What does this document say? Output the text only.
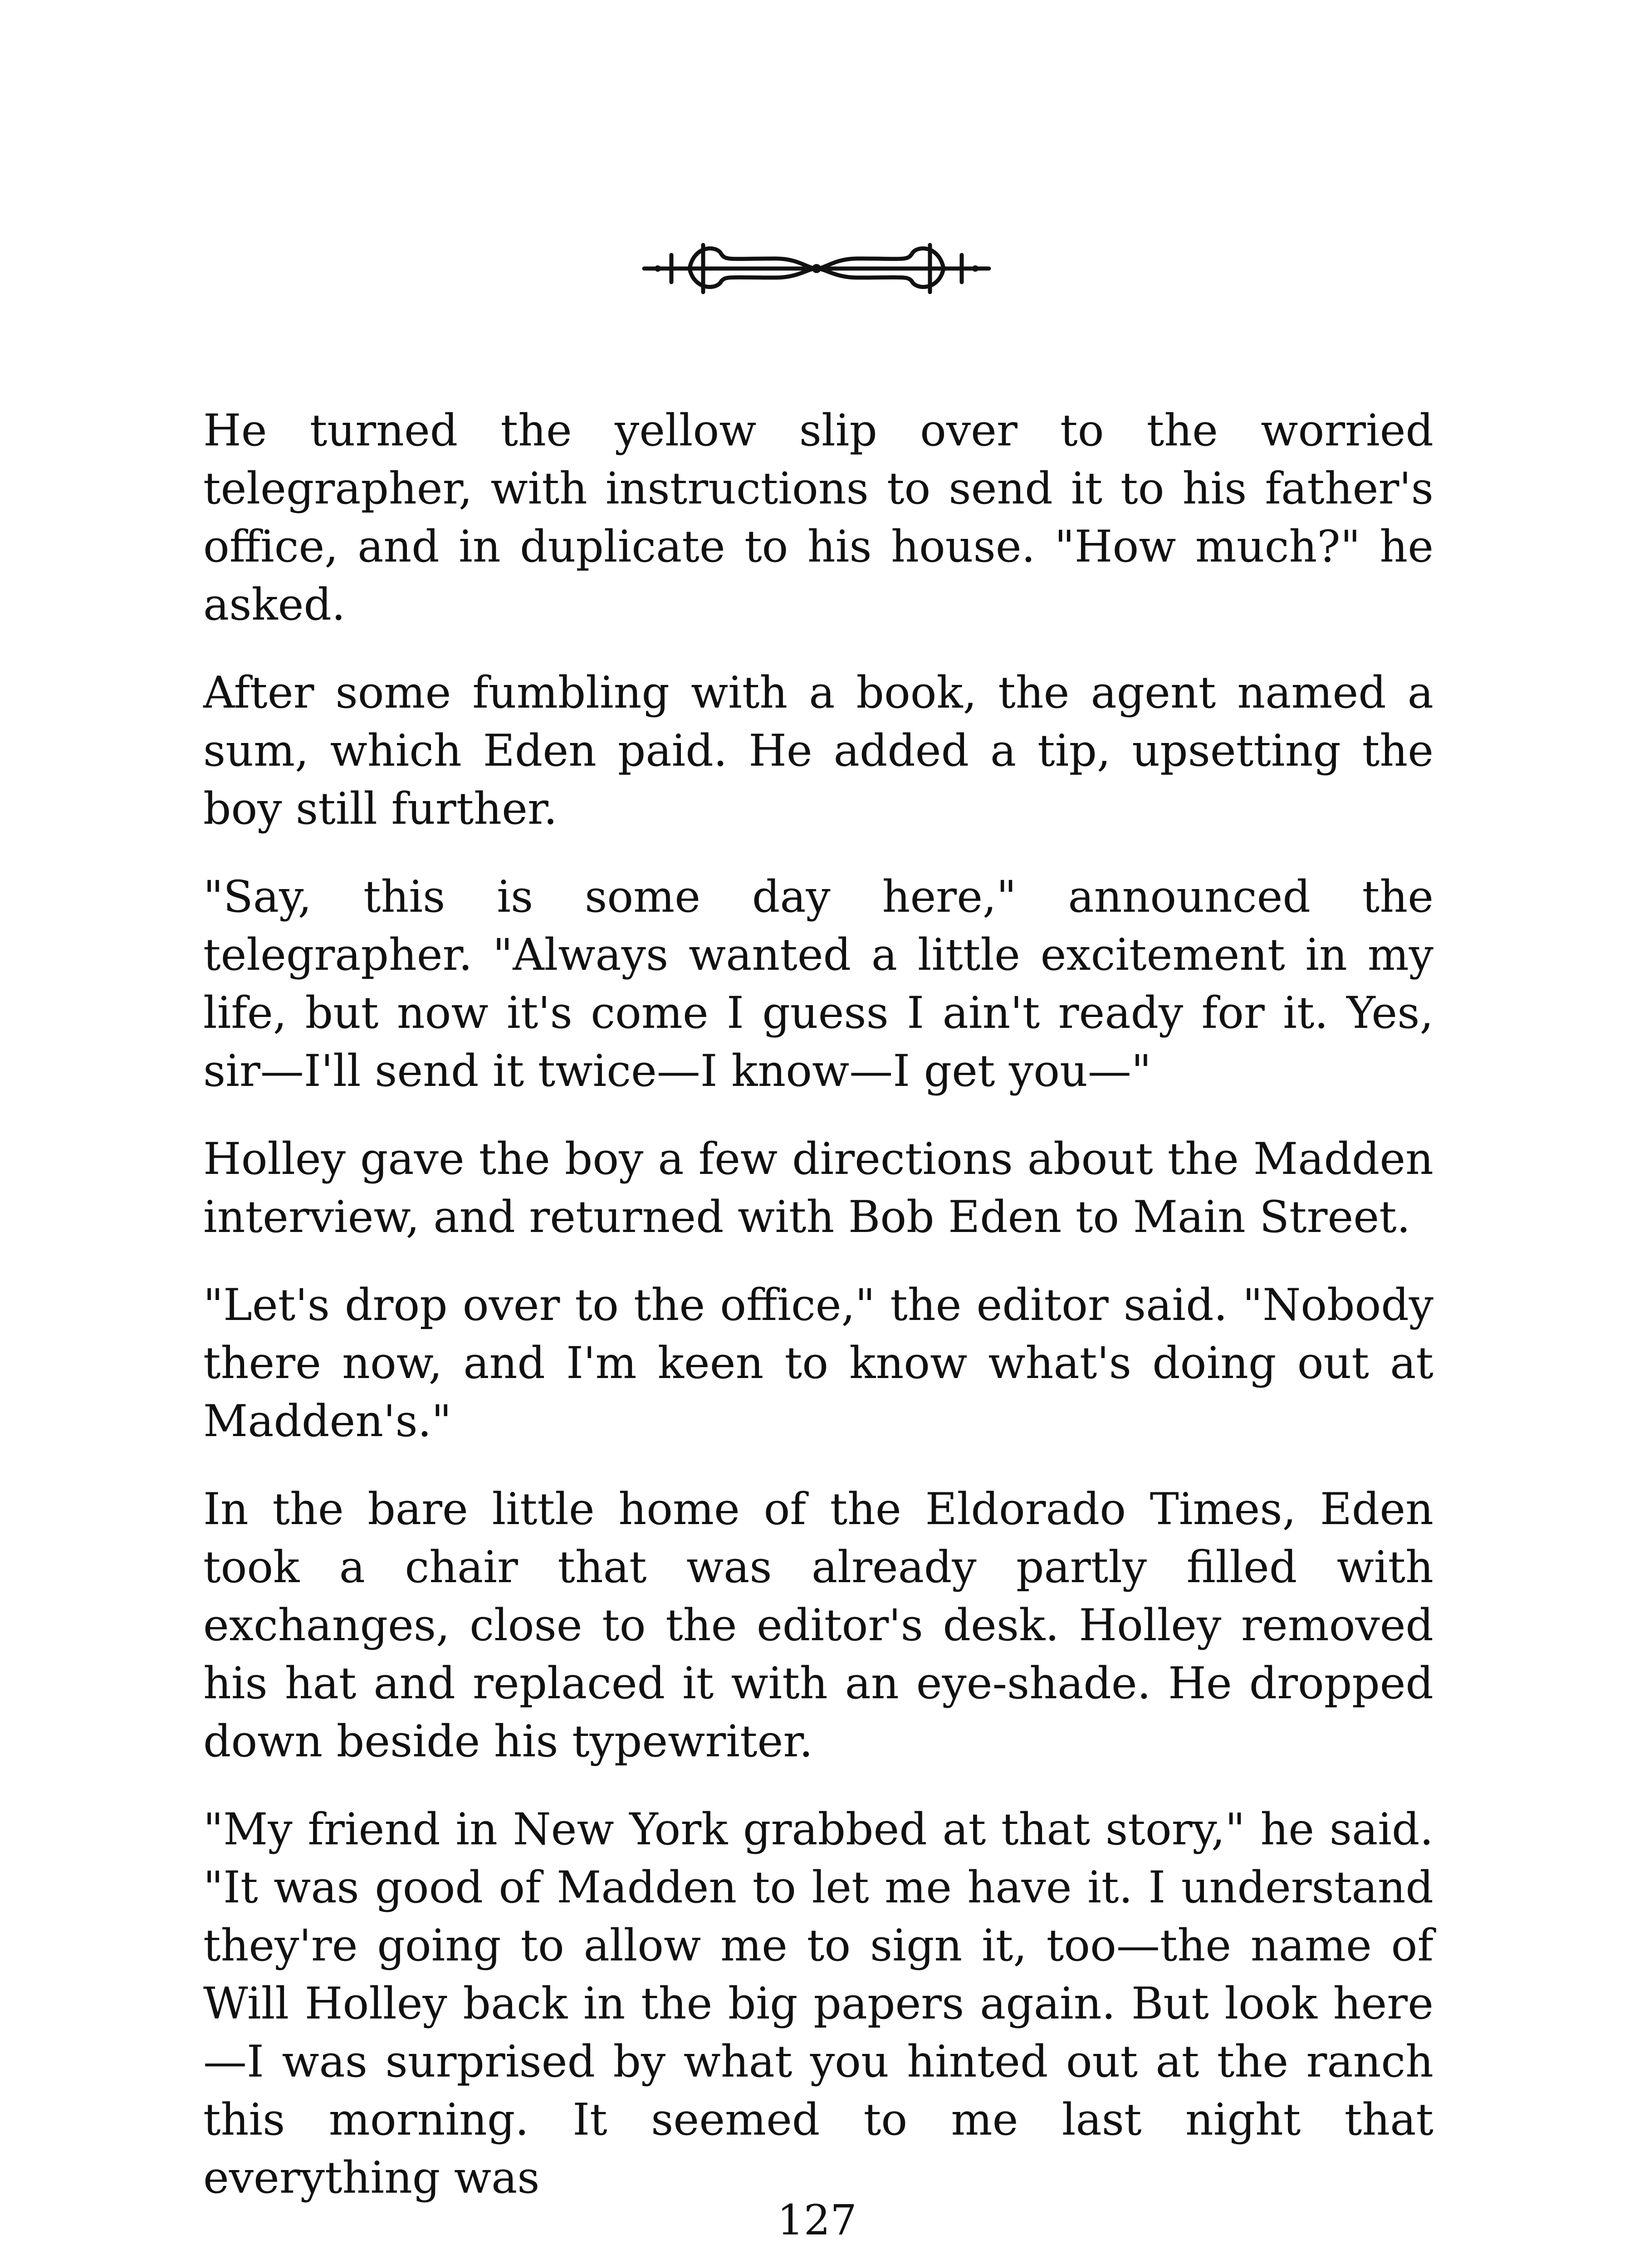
He turned the yellow slip over to the worried telegrapher, with instructions to send it to his father's office, and in duplicate to his house. "How much?" he asked.

After some fumbling with a book, the agent named a sum, which Eden paid. He added a tip, upsetting the boy still further.

"Say, this is some day here," announced the telegrapher. "Always wanted a little excitement in my life, but now it's come I guess I ain't ready for it. Yes, sir—I'll send it twice—I know—I get you—"

Holley gave the boy a few directions about the Madden interview, and returned with Bob Eden to Main Street.

"Let's drop over to the office," the editor said. "Nobody there now, and I'm keen to know what's doing out at Madden's."

In the bare little home of the Eldorado Times, Eden took a chair that was already partly filled with exchanges, close to the editor's desk. Holley removed his hat and replaced it with an eye-shade. He dropped down beside his typewriter.

"My friend in New York grabbed at that story," he said. "It was good of Madden to let me have it. I understand they're going to allow me to sign it, too—the name of Will Holley back in the big papers again. But look here—I was surprised by what you hinted out at the ranch this morning. It seemed to me last night that everything was

127
